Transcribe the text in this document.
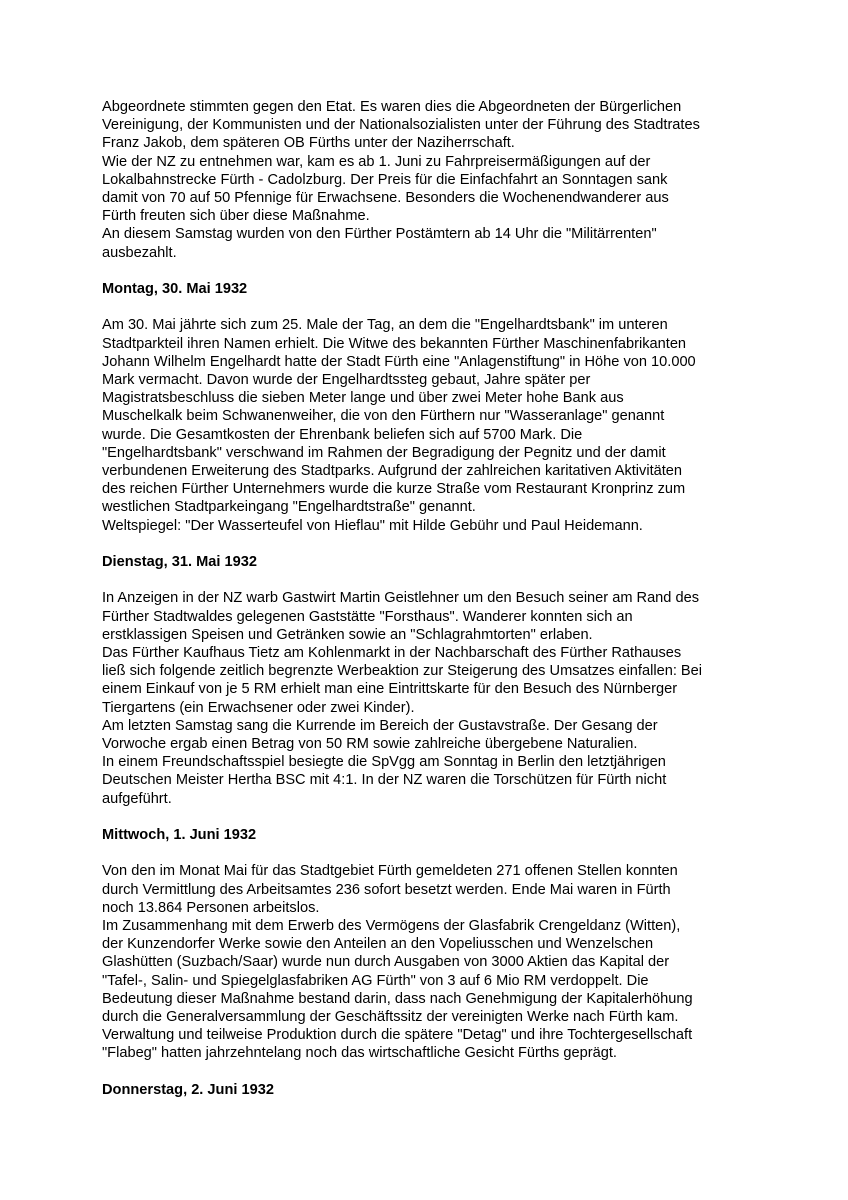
Abgeordnete stimmten gegen den Etat. Es waren dies die Abgeordneten der Bürgerlichen
Vereinigung, der Kommunisten und der Nationalsozialisten unter der Führung des Stadtrates
Franz Jakob, dem späteren OB Fürths unter der Naziherrschaft.
Wie der NZ zu entnehmen war, kam es ab 1. Juni zu Fahrpreisermäßigungen auf der
Lokalbahnstrecke Fürth - Cadolzburg. Der Preis für die Einfachfahrt an Sonntagen sank
damit von 70 auf 50 Pfennige für Erwachsene. Besonders die Wochenendwanderer aus
Fürth freuten sich über diese Maßnahme.
An diesem Samstag wurden von den Fürther Postämtern ab 14 Uhr die "Militärrenten"
ausbezahlt.
Montag, 30. Mai 1932
Am 30. Mai jährte sich zum 25. Male der Tag, an dem die "Engelhardtsbank" im unteren
Stadtparkteil ihren Namen erhielt. Die Witwe des bekannten Fürther Maschinenfabrikanten
Johann Wilhelm Engelhardt hatte der Stadt Fürth eine "Anlagenstiftung" in Höhe von 10.000
Mark vermacht. Davon wurde der Engelhardtssteg gebaut, Jahre später per
Magistratsbeschluss die sieben Meter lange und über zwei Meter hohe Bank aus
Muschelkalk beim Schwanenweiher, die von den Fürthern nur "Wasseranlage" genannt
wurde. Die Gesamtkosten der Ehrenbank beliefen sich auf 5700 Mark. Die
"Engelhardtsbank" verschwand im Rahmen der Begradigung der Pegnitz und der damit
verbundenen Erweiterung des Stadtparks. Aufgrund der zahlreichen karitativen Aktivitäten
des reichen Fürther Unternehmers wurde die kurze Straße vom Restaurant Kronprinz zum
westlichen Stadtparkeingang "Engelhardtstraße" genannt.
Weltspiegel: "Der Wasserteufel von Hieflau" mit Hilde Gebühr und Paul Heidemann.
Dienstag, 31. Mai 1932
In Anzeigen in der NZ warb Gastwirt Martin Geistlehner um den Besuch seiner am Rand des
Fürther Stadtwaldes gelegenen Gaststätte "Forsthaus". Wanderer konnten sich an
erstklassigen Speisen und Getränken sowie an "Schlagrahmtorten" erlaben.
Das Fürther Kaufhaus Tietz am Kohlenmarkt in der Nachbarschaft des Fürther Rathauses
ließ sich folgende zeitlich begrenzte Werbeaktion zur Steigerung des Umsatzes einfallen: Bei
einem Einkauf von je 5 RM erhielt man eine Eintrittskarte für den Besuch des Nürnberger
Tiergartens (ein Erwachsener oder zwei Kinder).
Am letzten Samstag sang die Kurrende im Bereich der Gustavstraße. Der Gesang der
Vorwoche ergab einen Betrag von 50 RM sowie zahlreiche übergebene Naturalien.
In einem Freundschaftsspiel besiegte die SpVgg am Sonntag in Berlin den letztjährigen
Deutschen Meister Hertha BSC mit 4:1. In der NZ waren die Torschützen für Fürth nicht
aufgeführt.
Mittwoch, 1. Juni 1932
Von den im Monat Mai für das Stadtgebiet Fürth gemeldeten 271 offenen Stellen konnten
durch Vermittlung des Arbeitsamtes 236 sofort besetzt werden. Ende Mai waren in Fürth
noch 13.864 Personen arbeitslos.
Im Zusammenhang mit dem Erwerb des Vermögens der Glasfabrik Crengeldanz (Witten),
der Kunzendorfer Werke sowie den Anteilen an den Vopeliusschen und Wenzelschen
Glashütten (Suzbach/Saar) wurde nun durch Ausgaben von 3000 Aktien das Kapital der
"Tafel-, Salin- und Spiegelglasfabriken AG Fürth" von 3 auf 6 Mio RM verdoppelt. Die
Bedeutung dieser Maßnahme bestand darin, dass nach Genehmigung der Kapitalerhöhung
durch die Generalversammlung der Geschäftssitz der vereinigten Werke nach Fürth kam.
Verwaltung und teilweise Produktion durch die spätere "Detag" und ihre Tochtergesellschaft
"Flabeg" hatten jahrzehntelang noch das wirtschaftliche Gesicht Fürths geprägt.
Donnerstag, 2. Juni 1932
